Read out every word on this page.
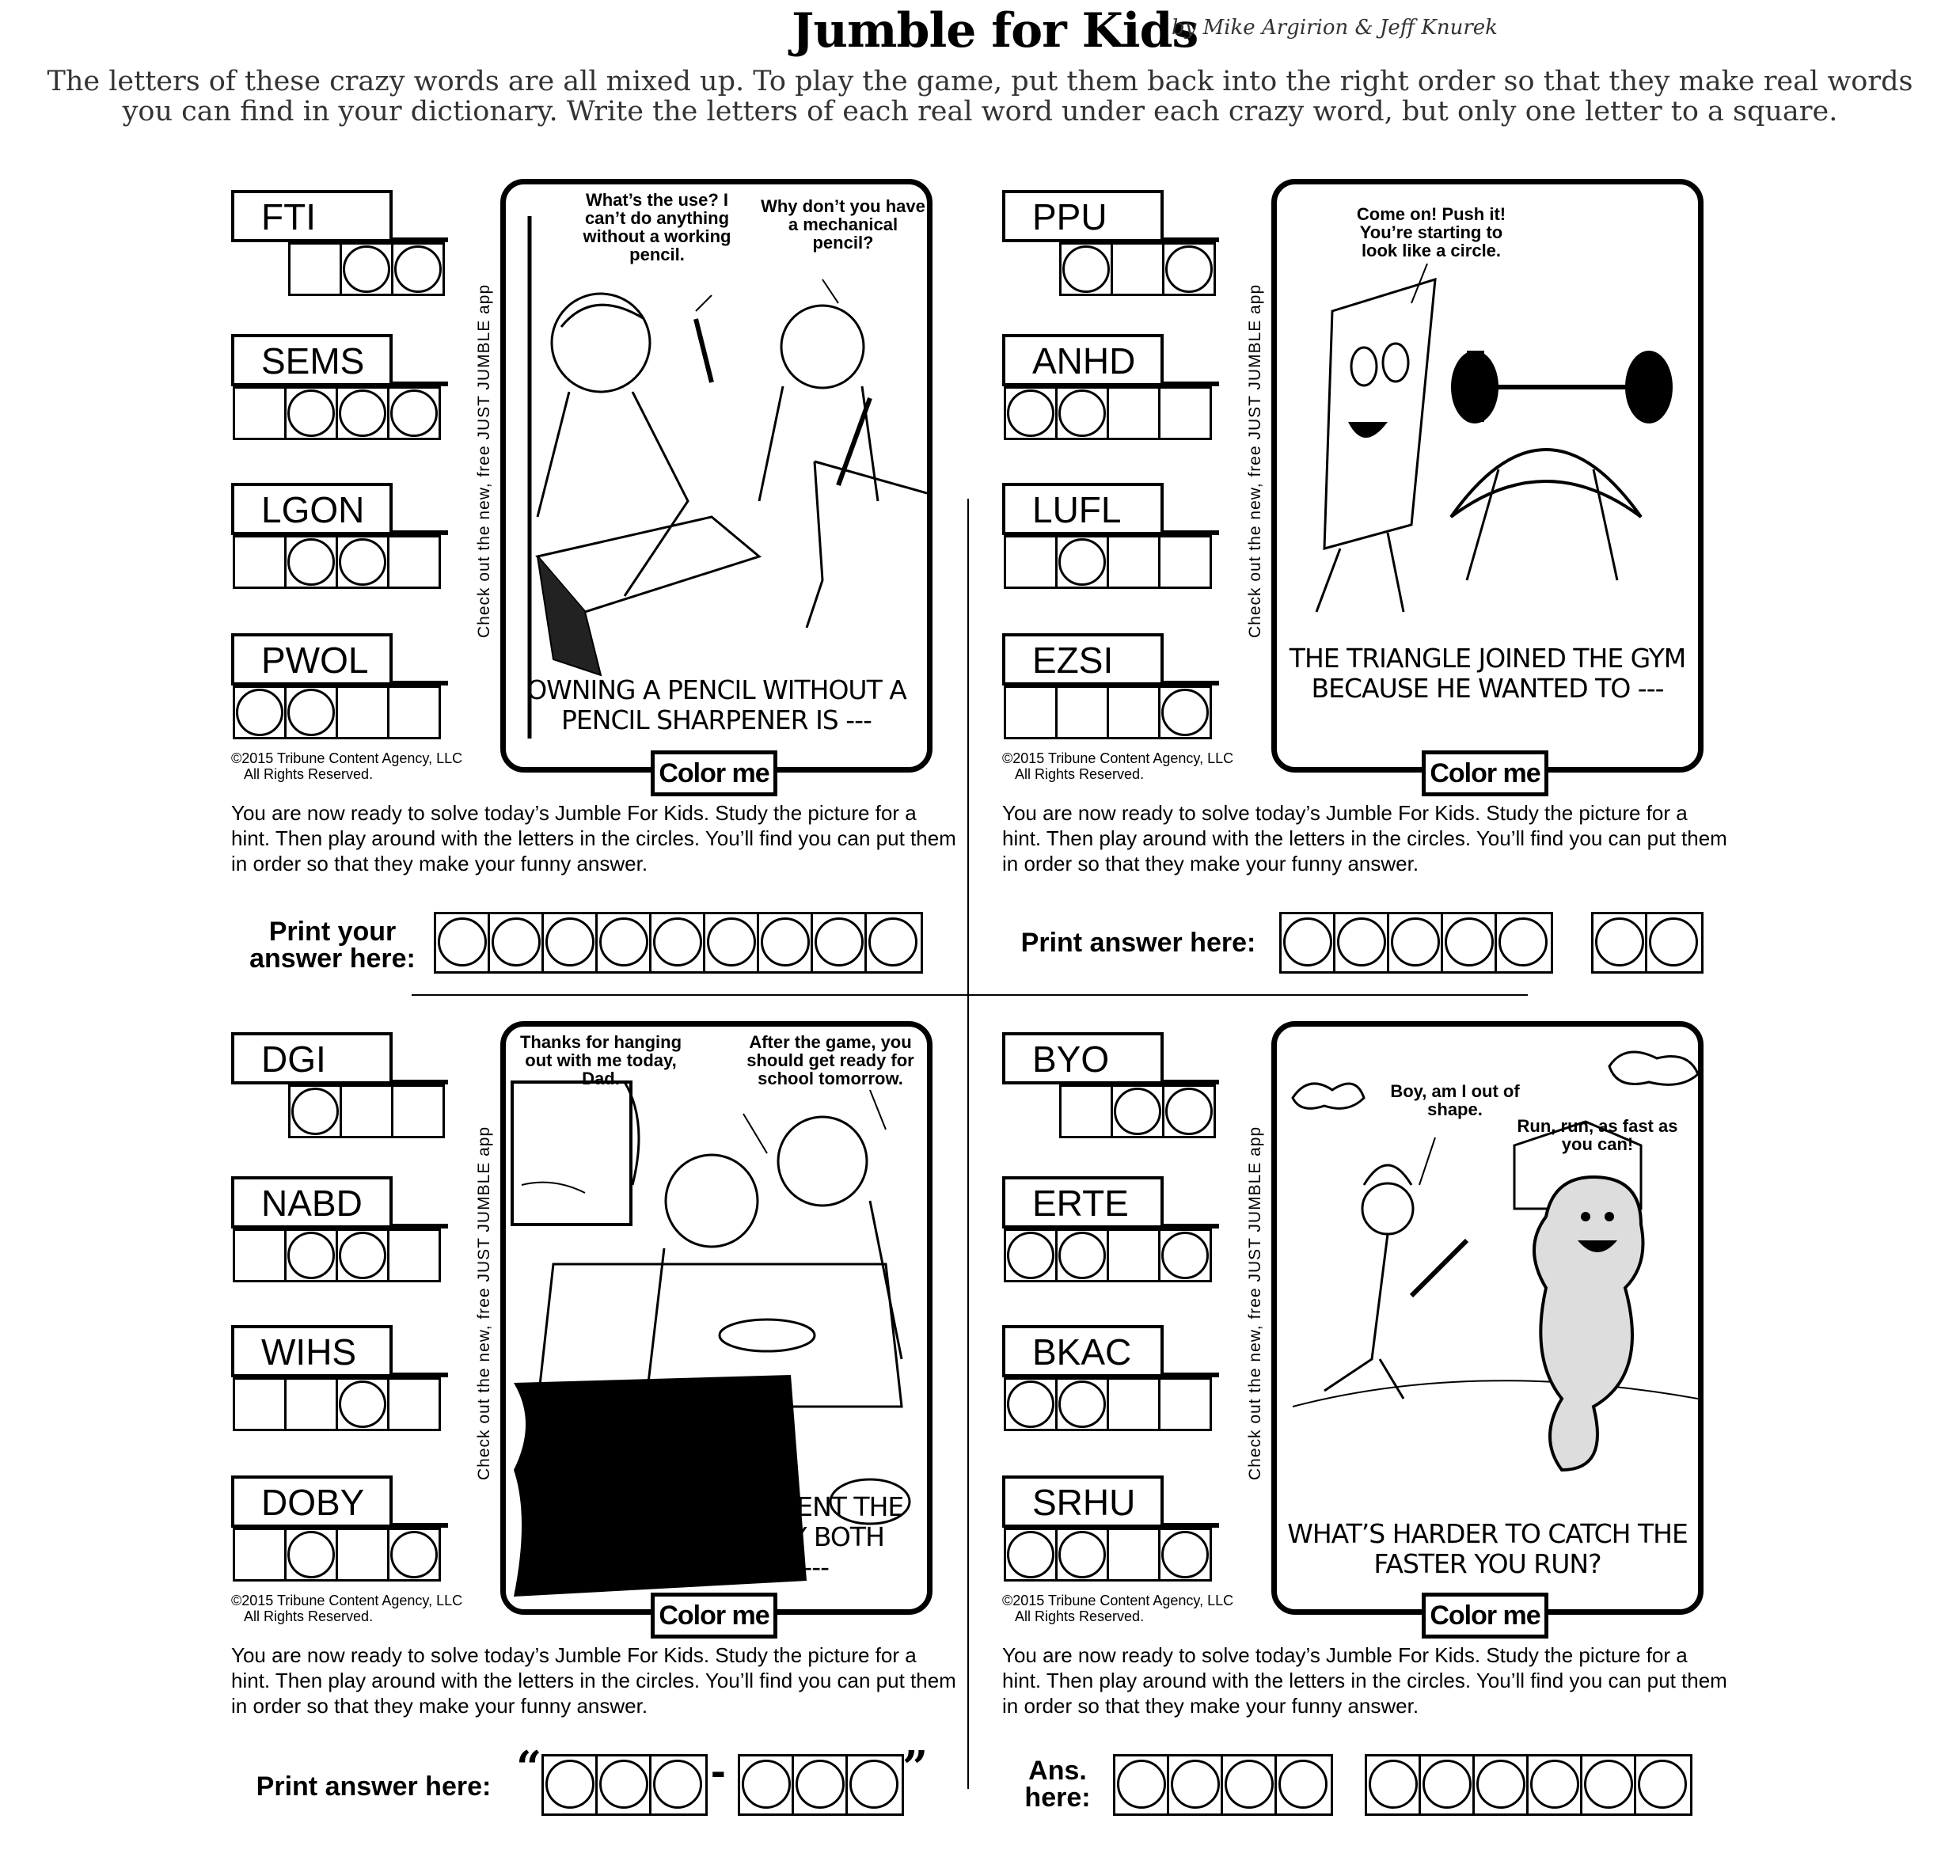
Jumble for Kids
by Mike Argirion & Jeff Knurek
The letters of these crazy words are all mixed up. To play the game, put them back into the right order so that they make real words you can find in your dictionary. Write the letters of each real word under each crazy word, but only one letter to a square.
FTI
SEMS
LGON
PWOL
Check out the new, free JUST JUMBLE app
What’s the use? I can’t do anything without a working pencil.
Why don’t you have a mechanical pencil?
OWNING A PENCIL WITHOUT A PENCIL SHARPENER IS ---
Color me
©2015 Tribune Content Agency, LLC
All Rights Reserved.
You are now ready to solve today’s Jumble For Kids. Study the picture for a hint. Then play around with the letters in the circles. You’ll find you can put them in order so that they make your funny answer.
Print your
answer here:
PPU
ANHD
LUFL
EZSI
Check out the new, free JUST JUMBLE app
Come on! Push it! You’re starting to look like a circle.
THE TRIANGLE JOINED THE GYM BECAUSE HE WANTED TO ---
Color me
©2015 Tribune Content Agency, LLC
All Rights Reserved.
You are now ready to solve today’s Jumble For Kids. Study the picture for a hint. Then play around with the letters in the circles. You’ll find you can put them in order so that they make your funny answer.
Print answer here:
DGI
NABD
WIHS
DOBY
Check out the new, free JUST JUMBLE app
Thanks for hanging out with me today, Dad.
After the game, you should get ready for school tomorrow.
WHEN HIS FATHER SPENT THE DAY WITH HIM, THEY BOTH ENJOYED THEIR ---
Color me
©2015 Tribune Content Agency, LLC
All Rights Reserved.
You are now ready to solve today’s Jumble For Kids. Study the picture for a hint. Then play around with the letters in the circles. You’ll find you can put them in order so that they make your funny answer.
Print answer here: “	-	”
BYO
ERTE
BKAC
SRHU
Check out the new, free JUST JUMBLE app
Boy, am I out of shape.
Run, run, as fast as you can!
WHAT’S HARDER TO CATCH THE FASTER YOU RUN?
Color me
©2015 Tribune Content Agency, LLC
All Rights Reserved.
You are now ready to solve today’s Jumble For Kids. Study the picture for a hint. Then play around with the letters in the circles. You’ll find you can put them in order so that they make your funny answer.
Ans.
here:
